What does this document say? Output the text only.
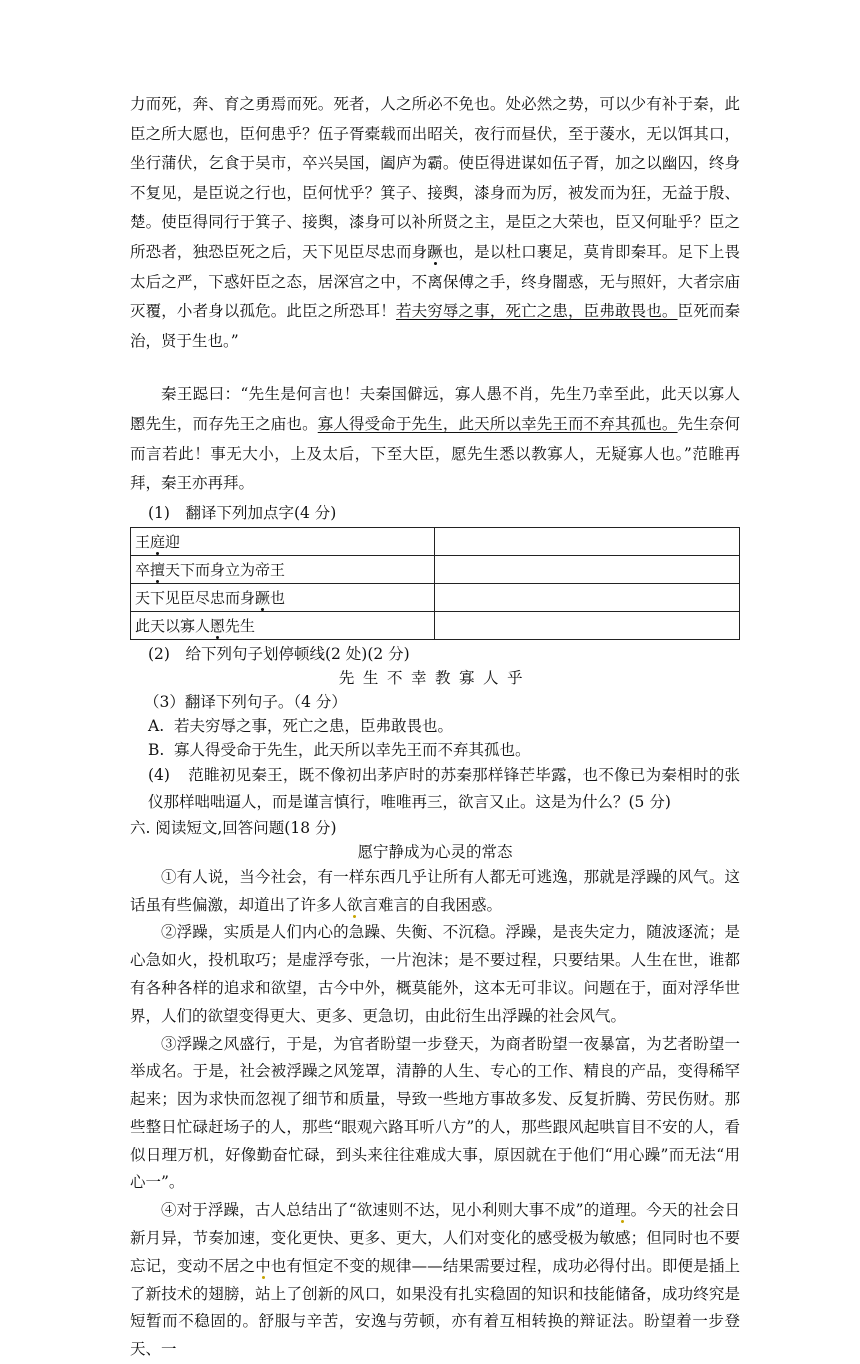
力而死，奔、育之勇焉而死。死者，人之所必不免也。处必然之势，可以少有补于秦，此臣之所大愿也，臣何患乎？伍子胥橐载而出昭关，夜行而昼伏，至于蔆水，无以饵其口，坐行蒲伏，乞食于吴市，卒兴吴国，阖庐为霸。使臣得进谋如伍子胥，加之以幽囚，终身不复见，是臣说之行也，臣何忧乎？箕子、接舆，漆身而为厉，被发而为狂，无益于殷、楚。使臣得同行于箕子、接舆，漆身可以补所贤之主，是臣之大荣也，臣又何耻乎？臣之所恐者，独恐臣死之后，天下见臣尽忠而身蹶也，是以杜口裹足，莫肯即秦耳。足下上畏太后之严，下惑奸臣之态，居深宫之中，不离保傅之手，终身闇惑，无与照奸，大者宗庙灭覆，小者身以孤危。此臣之所恐耳！若夫穷辱之事，死亡之患，臣弗敢畏也。臣死而秦治，贤于生也。”

秦王跽曰：“先生是何言也！夫秦国僻远，寡人愚不肖，先生乃幸至此，此天以寡人慁先生，而存先王之庙也。寡人得受命于先生，此天所以幸先王而不弃其孤也。先生奈何而言若此！事无大小，上及太后，下至大臣，愿先生悉以教寡人，无疑寡人也。”范睢再拜，秦王亦再拜。

(1)　翻译下列加点字(4 分)

王庭迎	
卒擅天下而身立为帝王	
天下见臣尽忠而身蹶也	
此天以寡人慁先生	

(2)　给下列句子划停顿线(2 处)(2 分)

先生不幸教寡人乎

（3）翻译下列句子。（4 分）

A. 若夫穷辱之事，死亡之患，臣弗敢畏也。

B. 寡人得受命于先生，此天所以幸先王而不弃其孤也。

(4) 范睢初见秦王，既不像初出茅庐时的苏秦那样锋芒毕露，也不像已为秦相时的张仪那样咄咄逼人，而是谨言慎行，唯唯再三，欲言又止。这是为什么？(5 分)

六. 阅读短文,回答问题(18 分)

愿宁静成为心灵的常态

①有人说，当今社会，有一样东西几乎让所有人都无可逃逸，那就是浮躁的风气。这话虽有些偏激，却道出了许多人欲言难言的自我困惑。

②浮躁，实质是人们内心的急躁、失衡、不沉稳。浮躁，是丧失定力，随波逐流；是心急如火，投机取巧；是虚浮夸张，一片泡沫；是不要过程，只要结果。人生在世，谁都有各种各样的追求和欲望，古今中外，概莫能外，这本无可非议。问题在于，面对浮华世界，人们的欲望变得更大、更多、更急切，由此衍生出浮躁的社会风气。

③浮躁之风盛行，于是，为官者盼望一步登天，为商者盼望一夜暴富，为艺者盼望一举成名。于是，社会被浮躁之风笼罩，清静的人生、专心的工作、精良的产品，变得稀罕起来；因为求快而忽视了细节和质量，导致一些地方事故多发、反复折腾、劳民伤财。那些整日忙碌赶场子的人，那些“眼观六路耳听八方”的人，那些跟风起哄盲目不安的人，看似日理万机，好像勤奋忙碌，到头来往往难成大事，原因就在于他们“用心躁”而无法“用心一”。

④对于浮躁，古人总结出了“欲速则不达，见小利则大事不成”的道理。今天的社会日新月异，节奏加速，变化更快、更多、更大，人们对变化的感受极为敏感；但同时也不要忘记，变动不居之中也有恒定不变的规律——结果需要过程，成功必得付出。即便是插上了新技术的翅膀，站上了创新的风口，如果没有扎实稳固的知识和技能储备，成功终究是短暂而不稳固的。舒服与辛苦，安逸与劳顿，亦有着互相转换的辩证法。盼望着一步登天、一
